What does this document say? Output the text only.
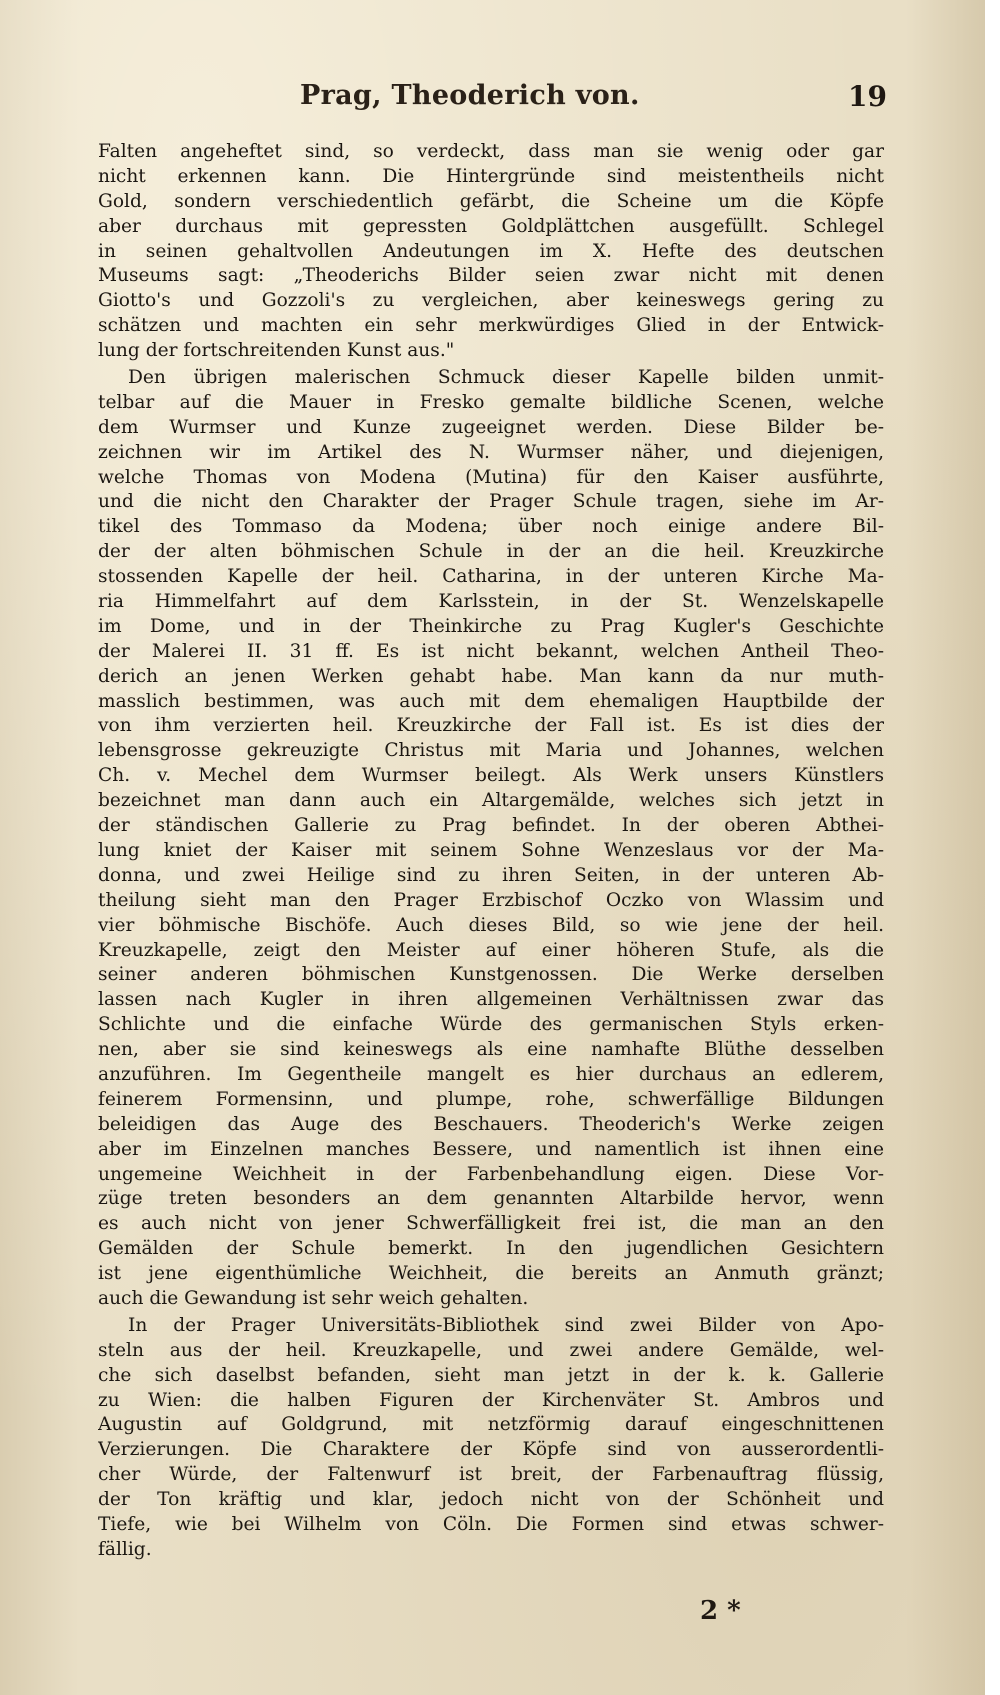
Prag, Theoderich von.	19
Falten angeheftet sind, so verdeckt, dass man sie wenig oder gar
nicht erkennen kann. Die Hintergründe sind meistentheils nicht
Gold, sondern verschiedentlich gefärbt, die Scheine um die Köpfe
aber durchaus mit gepressten Goldplättchen ausgefüllt. Schlegel
in seinen gehaltvollen Andeutungen im X. Hefte des deutschen
Museums sagt: „Theoderichs Bilder seien zwar nicht mit denen
Giotto's und Gozzoli's zu vergleichen, aber keineswegs gering zu
schätzen und machten ein sehr merkwürdiges Glied in der Entwick-
lung der fortschreitenden Kunst aus."
Den übrigen malerischen Schmuck dieser Kapelle bilden unmit-
telbar auf die Mauer in Fresko gemalte bildliche Scenen, welche
dem Wurmser und Kunze zugeeignet werden. Diese Bilder be-
zeichnen wir im Artikel des N. Wurmser näher, und diejenigen,
welche Thomas von Modena (Mutina) für den Kaiser ausführte,
und die nicht den Charakter der Prager Schule tragen, siehe im Ar-
tikel des Tommaso da Modena; über noch einige andere Bil-
der der alten böhmischen Schule in der an die heil. Kreuzkirche
stossenden Kapelle der heil. Catharina, in der unteren Kirche Ma-
ria Himmelfahrt auf dem Karlsstein, in der St. Wenzelskapelle
im Dome, und in der Theinkirche zu Prag Kugler's Geschichte
der Malerei II. 31 ff. Es ist nicht bekannt, welchen Antheil Theo-
derich an jenen Werken gehabt habe. Man kann da nur muth-
masslich bestimmen, was auch mit dem ehemaligen Hauptbilde der
von ihm verzierten heil. Kreuzkirche der Fall ist. Es ist dies der
lebensgrosse gekreuzigte Christus mit Maria und Johannes, welchen
Ch. v. Mechel dem Wurmser beilegt. Als Werk unsers Künstlers
bezeichnet man dann auch ein Altargemälde, welches sich jetzt in
der ständischen Gallerie zu Prag befindet. In der oberen Abthei-
lung kniet der Kaiser mit seinem Sohne Wenzeslaus vor der Ma-
donna, und zwei Heilige sind zu ihren Seiten, in der unteren Ab-
theilung sieht man den Prager Erzbischof Oczko von Wlassim und
vier böhmische Bischöfe. Auch dieses Bild, so wie jene der heil.
Kreuzkapelle, zeigt den Meister auf einer höheren Stufe, als die
seiner anderen böhmischen Kunstgenossen. Die Werke derselben
lassen nach Kugler in ihren allgemeinen Verhältnissen zwar das
Schlichte und die einfache Würde des germanischen Styls erken-
nen, aber sie sind keineswegs als eine namhafte Blüthe desselben
anzuführen. Im Gegentheile mangelt es hier durchaus an edlerem,
feinerem Formensinn, und plumpe, rohe, schwerfällige Bildungen
beleidigen das Auge des Beschauers. Theoderich's Werke zeigen
aber im Einzelnen manches Bessere, und namentlich ist ihnen eine
ungemeine Weichheit in der Farbenbehandlung eigen. Diese Vor-
züge treten besonders an dem genannten Altarbilde hervor, wenn
es auch nicht von jener Schwerfälligkeit frei ist, die man an den
Gemälden der Schule bemerkt. In den jugendlichen Gesichtern
ist jene eigenthümliche Weichheit, die bereits an Anmuth gränzt;
auch die Gewandung ist sehr weich gehalten.
In der Prager Universitäts-Bibliothek sind zwei Bilder von Apo-
steln aus der heil. Kreuzkapelle, und zwei andere Gemälde, wel-
che sich daselbst befanden, sieht man jetzt in der k. k. Gallerie
zu Wien: die halben Figuren der Kirchenväter St. Ambros und
Augustin auf Goldgrund, mit netzförmig darauf eingeschnittenen
Verzierungen. Die Charaktere der Köpfe sind von ausserordentli-
cher Würde, der Faltenwurf ist breit, der Farbenauftrag flüssig,
der Ton kräftig und klar, jedoch nicht von der Schönheit und
Tiefe, wie bei Wilhelm von Cöln. Die Formen sind etwas schwer-
fällig.
2 *
